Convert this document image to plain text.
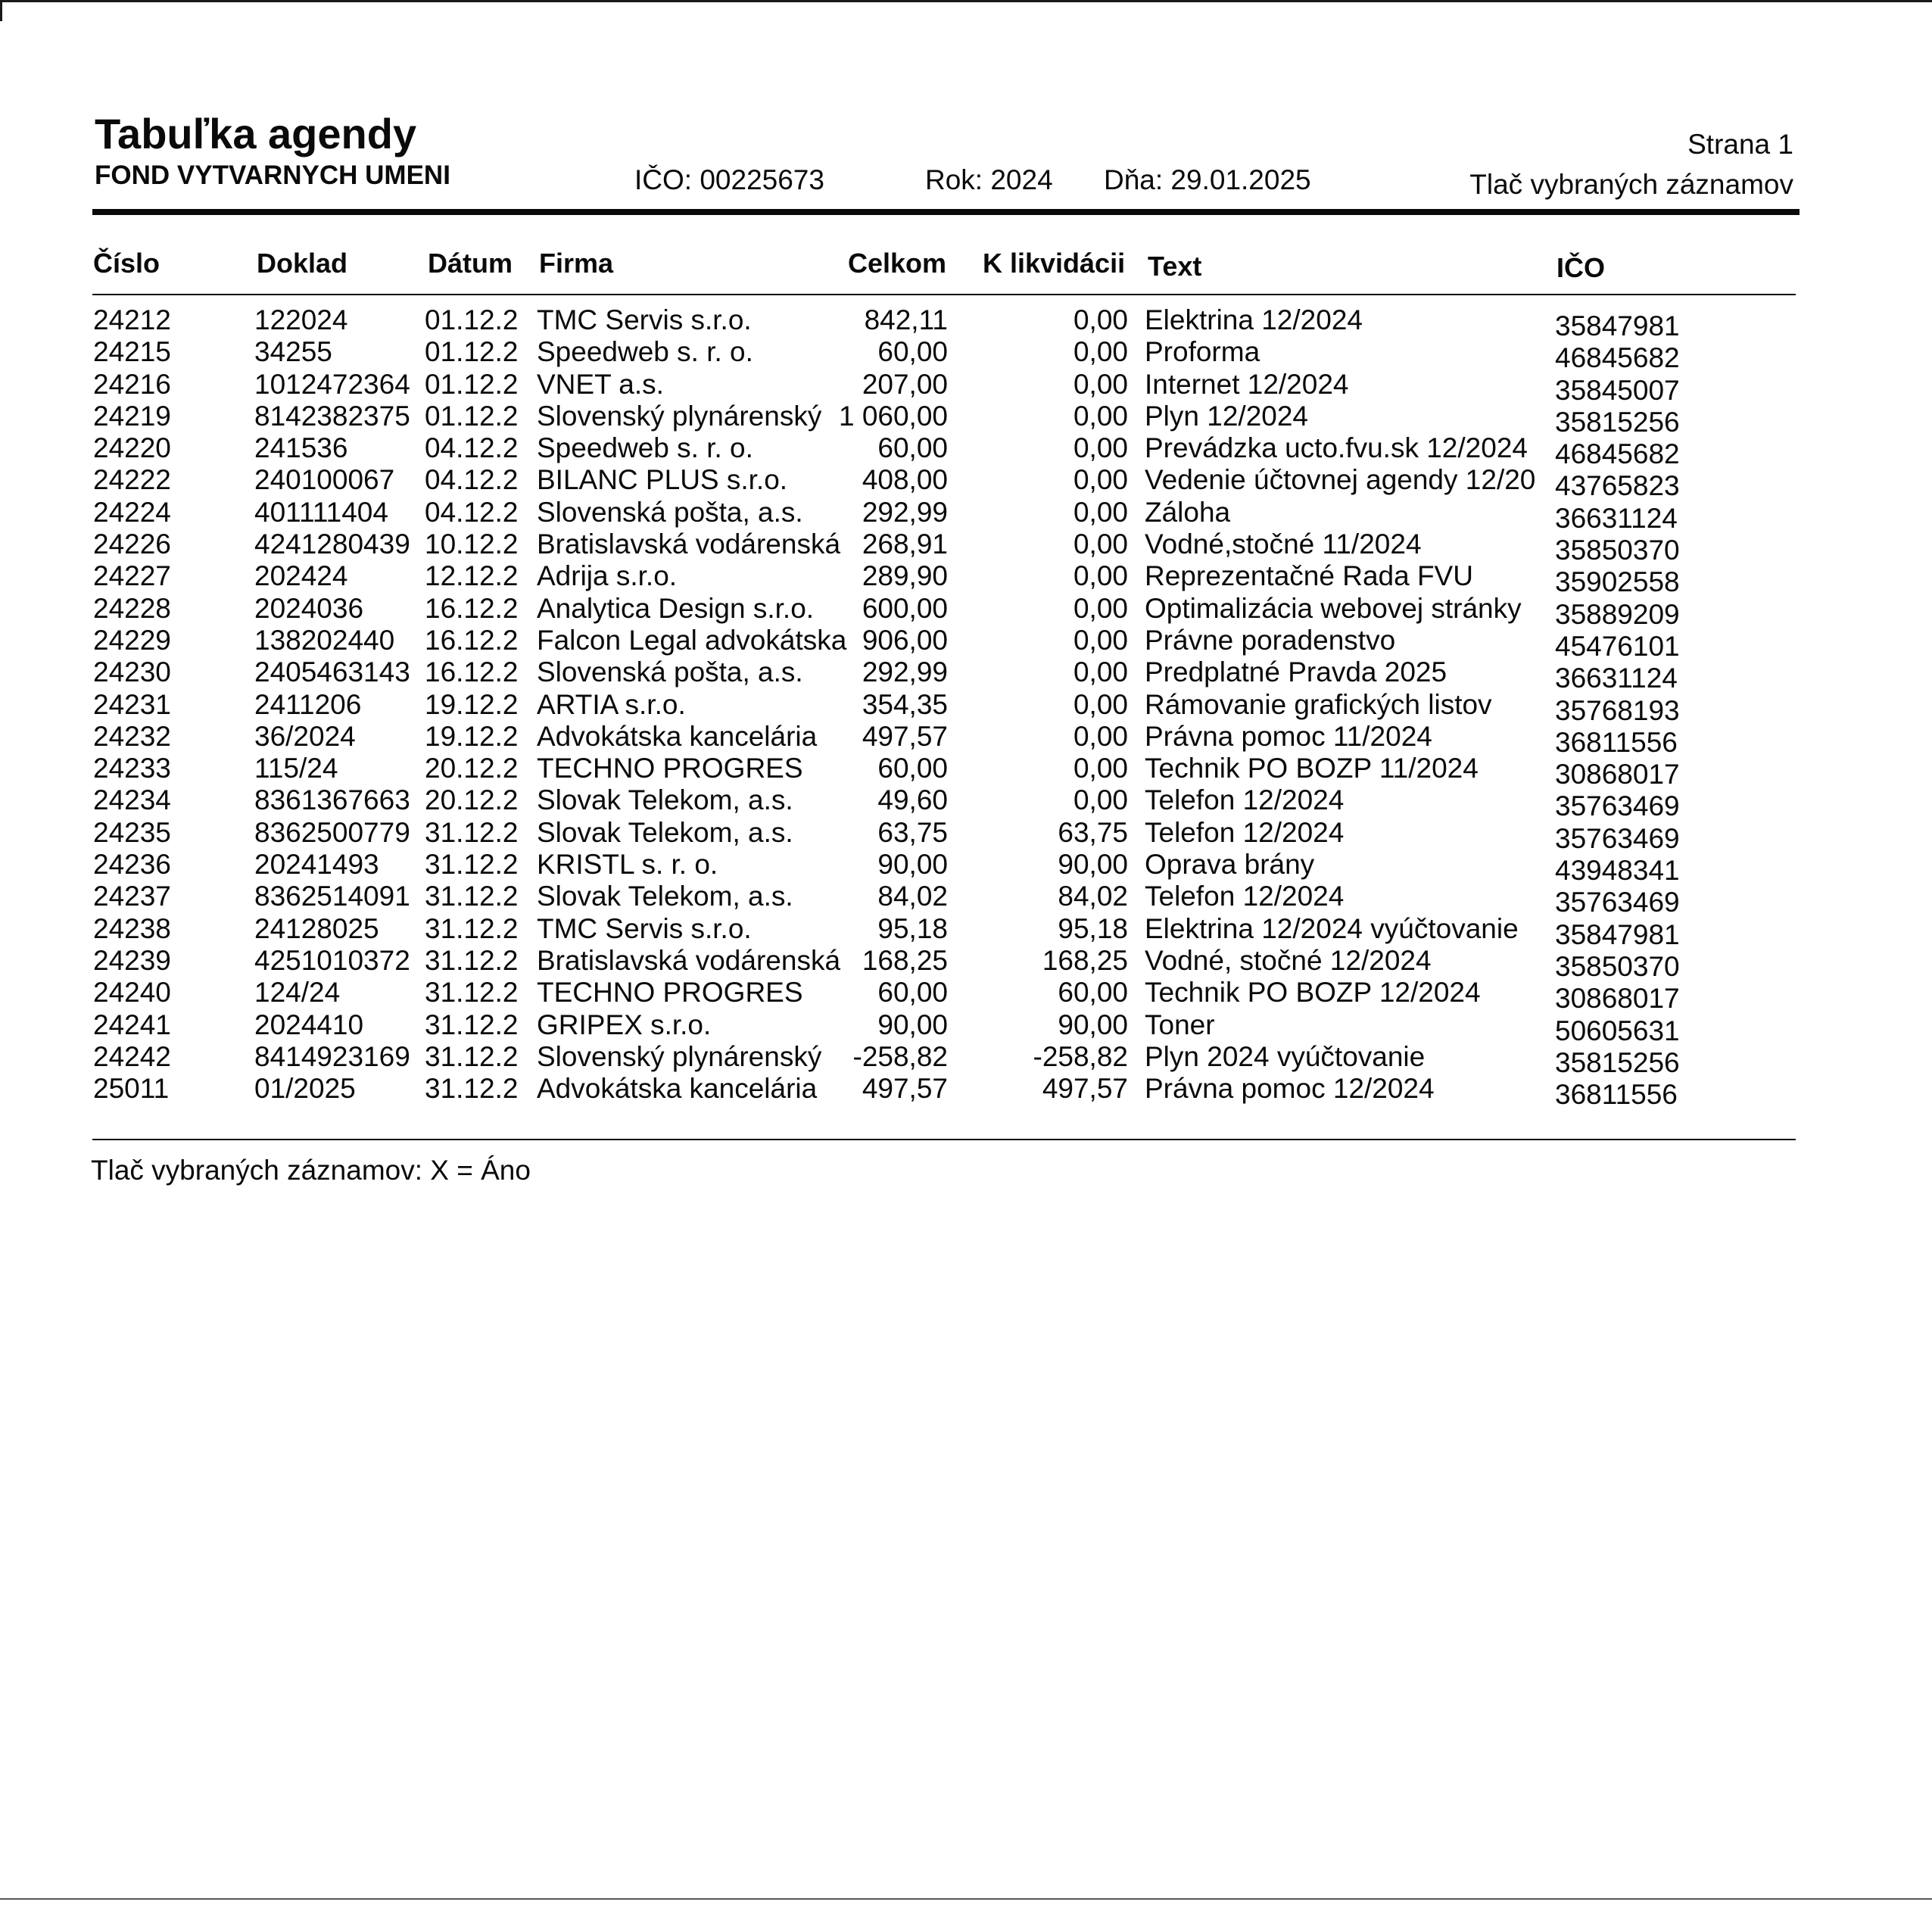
Tabuľka agendy
FOND VYTVARNYCH UMENI	IČO: 00225673	Rok: 2024 Dňa: 29.01.2025
Strana 1
Tlač vybraných záznamov
Číslo	Doklad	Dátum Firma	Celkom K likvidácii Text	IČO
24212	122024	01.12.2 TMC Servis s.r.o.	842,11	0,00 Elektrina 12/2024	35847981
24215	34255	01.12.2 Speedweb s. r. o.	60,00	0,00 Proforma	46845682
24216	1012472364 01.12.2 VNET a.s.	207,00	0,00 Internet 12/2024	35845007
24219	8142382375 01.12.2 Slovenský plynárenský 1 060,00	0,00 Plyn 12/2024	35815256
24220	241536	04.12.2 Speedweb s. r. o.	60,00	0,00 Prevádzka ucto.fvu.sk 12/2024 46845682
24222	240100067	04.12.2 BILANC PLUS s.r.o.	408,00	0,00 Vedenie účtovnej agendy 12/20 43765823
24224	401111404	04.12.2 Slovenská pošta, a.s.	292,99	0,00 Záloha	36631124
24226	4241280439 10.12.2 Bratislavská vodárenská 268,91	0,00 Vodné,stočné 11/2024	35850370
24227	202424	12.12.2 Adrija s.r.o.	289,90	0,00 Reprezentačné Rada FVU	35902558
24228	2024036	16.12.2 Analytica Design s.r.o.	600,00	0,00 Optimalizácia webovej stránky	35889209
24229	138202440	16.12.2 Falcon Legal advokátska 906,00	0,00 Právne poradenstvo	45476101
24230	2405463143 16.12.2 Slovenská pošta, a.s.	292,99	0,00 Predplatné Pravda 2025	36631124
24231	2411206	19.12.2 ARTIA s.r.o.	354,35	0,00 Rámovanie grafických listov	35768193
24232	36/2024	19.12.2 Advokátska kancelária	497,57	0,00 Právna pomoc 11/2024	36811556
24233	115/24	20.12.2 TECHNO PROGRES	60,00	0,00 Technik PO BOZP 11/2024	30868017
24234	8361367663 20.12.2 Slovak Telekom, a.s.	49,60	0,00 Telefon 12/2024	35763469
24235	8362500779 31.12.2 Slovak Telekom, a.s.	63,75	63,75 Telefon 12/2024	35763469
24236	20241493	31.12.2 KRISTL s. r. o.	90,00	90,00 Oprava brány	43948341
24237	8362514091 31.12.2 Slovak Telekom, a.s.	84,02	84,02 Telefon 12/2024	35763469
24238	24128025	31.12.2 TMC Servis s.r.o.	95,18	95,18 Elektrina 12/2024 vyúčtovanie	35847981
24239	4251010372 31.12.2 Bratislavská vodárenská 168,25	168,25 Vodné, stočné 12/2024	35850370
24240	124/24	31.12.2 TECHNO PROGRES	60,00	60,00 Technik PO BOZP 12/2024	30868017
24241	2024410	31.12.2 GRIPEX s.r.o.	90,00	90,00 Toner	50605631
24242	8414923169 31.12.2 Slovenský plynárenský	-258,82	-258,82 Plyn 2024 vyúčtovanie	35815256
25011	01/2025	31.12.2 Advokátska kancelária	497,57	497,57 Právna pomoc 12/2024	36811556
Tlač vybraných záznamov: X = Áno
